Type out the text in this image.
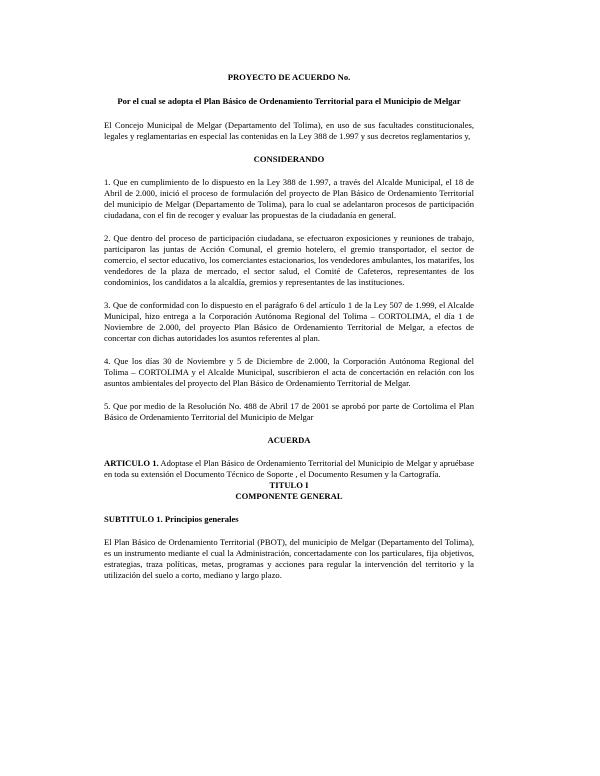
PROYECTO DE ACUERDO No.

Por el cual se adopta el Plan Básico de Ordenamiento Territorial para el Municipio de Melgar

El Concejo Municipal de Melgar (Departamento del Tolima), en uso de sus facultades constitucionales, legales y reglamentarias en especial las contenidas en la Ley 388 de 1.997 y sus decretos reglamentarios y,

CONSIDERANDO

1. Que en cumplimiento de lo dispuesto en la Ley 388 de 1.997, a través del Alcalde Municipal, el 18 de Abril de 2.000, inició el proceso de formulación del proyecto de Plan Básico de Ordenamiento Territorial del municipio de Melgar (Departamento de Tolima), para lo cual se adelantaron procesos de participación ciudadana, con el fin de recoger y evaluar las propuestas de la ciudadanía en general.

2. Que dentro del proceso de participación ciudadana, se efectuaron exposiciones y reuniones de trabajo, participaron las juntas de Acción Comunal, el gremio hotelero, el gremio transportador, el sector de comercio, el sector educativo, los comerciantes estacionarios, los vendedores ambulantes, los matarifes, los vendedores de la plaza de mercado, el sector salud, el Comité de Cafeteros, representantes de los condominios, los candidatos a la alcaldía, gremios y representantes de las instituciones.

3. Que de conformidad con lo dispuesto en el parágrafo 6 del artículo 1 de la Ley 507 de 1.999, el Alcalde Municipal, hizo entrega a la Corporación Autónoma Regional del Tolima – CORTOLIMA, el día 1 de Noviembre de 2.000, del proyecto Plan Básico de Ordenamiento Territorial de Melgar, a efectos de concertar con dichas autoridades los asuntos referentes al plan.

4. Que los días 30 de Noviembre y 5 de Diciembre de 2.000, la Corporación Autónoma Regional del Tolima – CORTOLIMA y el Alcalde Municipal, suscribieron el acta de concertación en relación con los asuntos ambientales del proyecto del Plan Básico de Ordenamiento Territorial de Melgar.

5. Que por medio de la Resolución No. 488 de Abril 17 de 2001 se aprobó por parte de Cortolima el Plan Básico de Ordenamiento Territorial del Municipio de Melgar

ACUERDA

ARTICULO 1. Adoptase el Plan Básico de Ordenamiento Territorial del Municipio de Melgar y apruébase en toda su extensión el Documento Técnico de Soporte , el Documento Resumen y la Cartografía.

TITULO I

COMPONENTE GENERAL

SUBTITULO 1. Principios generales

El Plan Básico de Ordenamiento Territorial (PBOT), del municipio de Melgar (Departamento del Tolima), es un instrumento mediante el cual la Administración, concertadamente con los particulares, fija objetivos, estrategias, traza políticas, metas, programas y acciones para regular la intervención del territorio y la utilización del suelo a corto, mediano y largo plazo.
